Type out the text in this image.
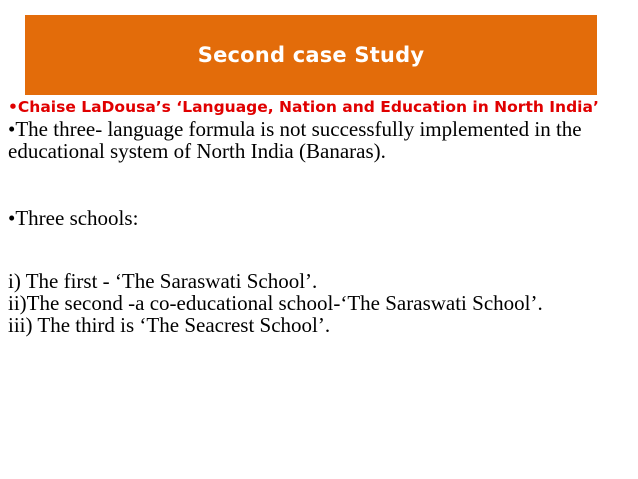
Second case Study

•Chaise LaDousa’s ‘Language, Nation and Education in North India’

•The three- language formula is not successfully implemented in the educational system of North India (Banaras).

•Three schools:

i) The first - ‘The Saraswati School’.

ii)The second -a co-educational school-‘The Saraswati School’.

iii) The third is ‘The Seacrest School’.
